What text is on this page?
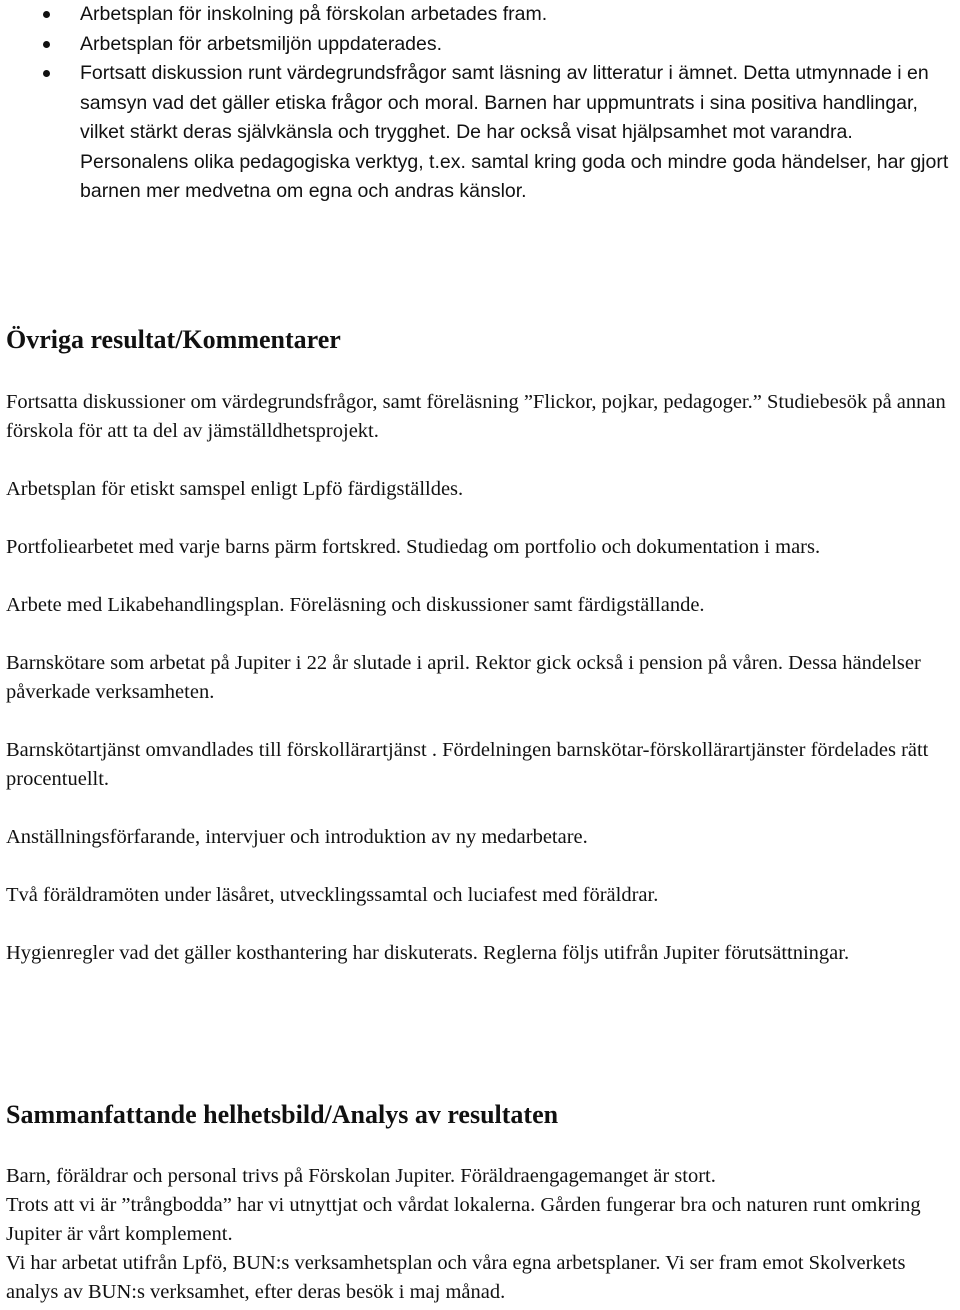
Arbetsplan för inskolning på förskolan arbetades fram.
Arbetsplan för arbetsmiljön uppdaterades.
Fortsatt diskussion runt värdegrundsfrågor samt läsning av litteratur i ämnet. Detta utmynnade i en samsyn vad det gäller etiska frågor och moral. Barnen har uppmuntrats i sina positiva handlingar, vilket stärkt deras självkänsla och trygghet. De har också visat hjälpsamhet mot varandra. Personalens olika pedagogiska verktyg, t.ex. samtal kring goda och mindre goda händelser, har gjort barnen mer medvetna om egna och andras känslor.
Övriga resultat/Kommentarer

Fortsatta diskussioner om värdegrundsfrågor, samt föreläsning ”Flickor, pojkar, pedagoger.” Studiebesök på annan förskola för att ta del av jämställdhetsprojekt.

Arbetsplan för etiskt samspel enligt Lpfö färdigställdes.

Portfoliearbetet med varje barns pärm fortskred. Studiedag om portfolio och dokumentation i mars.

Arbete med Likabehandlingsplan. Föreläsning och diskussioner samt färdigställande.

Barnskötare som arbetat på Jupiter i 22 år slutade i april. Rektor gick också i pension på våren. Dessa händelser påverkade verksamheten.

Barnskötartjänst omvandlades till förskollärartjänst . Fördelningen barnskötar-förskollärartjänster fördelades rätt procentuellt.

Anställningsförfarande, intervjuer och introduktion av ny medarbetare.

Två föräldramöten under läsåret, utvecklingssamtal och luciafest med föräldrar.

Hygienregler vad det gäller kosthantering har diskuterats. Reglerna följs utifrån Jupiter förutsättningar.

Sammanfattande helhetsbild/Analys av resultaten

Barn, föräldrar och personal trivs på Förskolan Jupiter. Föräldraengagemanget är stort.

Trots att vi är ”trångbodda” har vi utnyttjat och vårdat lokalerna. Gården fungerar bra och naturen runt omkring Jupiter är vårt komplement.

Vi har arbetat utifrån Lpfö, BUN:s verksamhetsplan och våra egna arbetsplaner. Vi ser fram emot Skolverkets analys av BUN:s verksamhet, efter deras besök i maj månad.
